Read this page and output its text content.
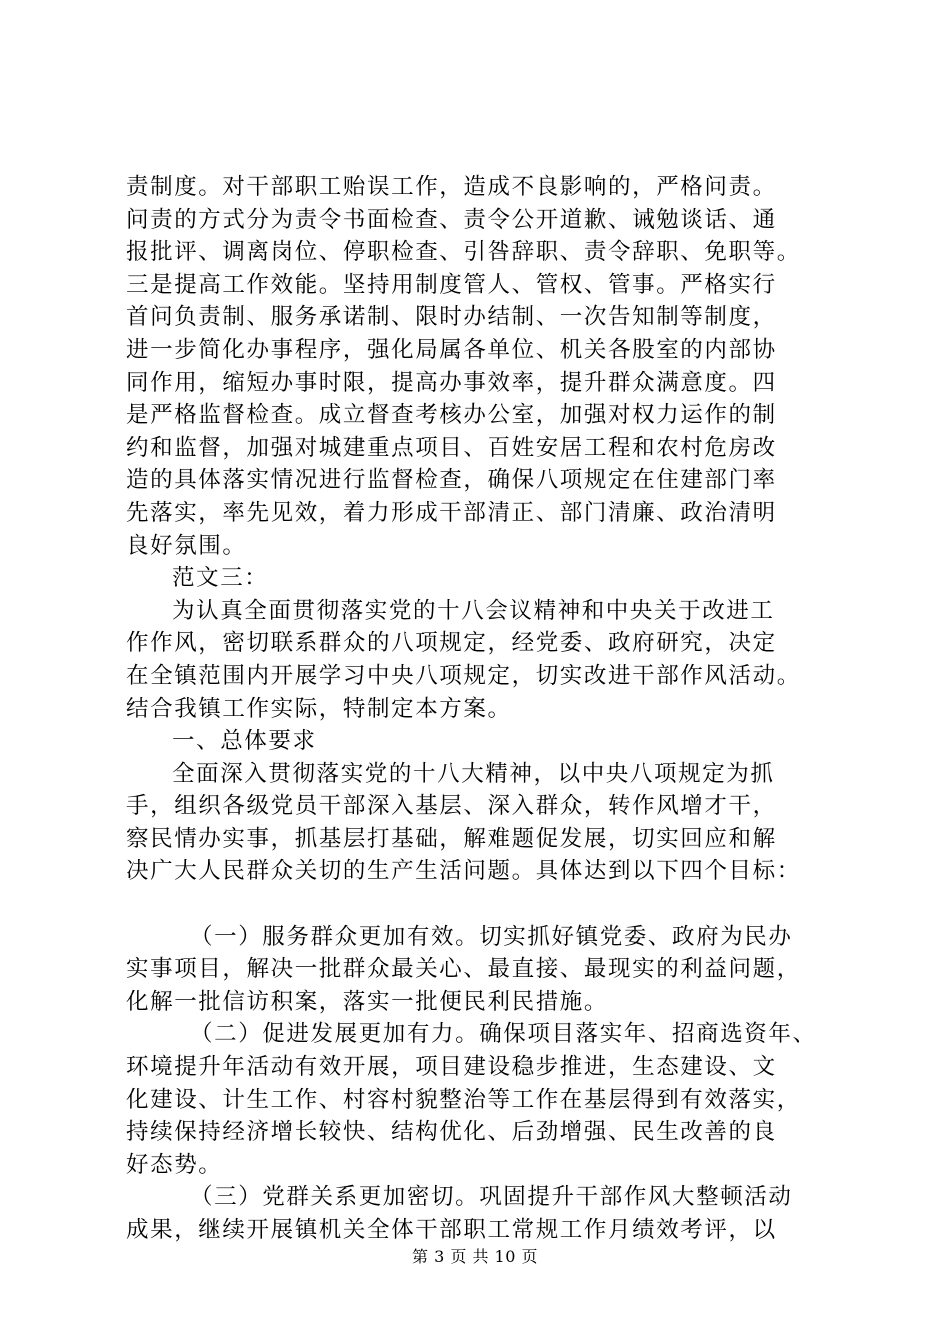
责制度。对干部职工贻误工作，造成不良影响的，严格问责。
问责的方式分为责令书面检查、责令公开道歉、诫勉谈话、通
报批评、调离岗位、停职检查、引咎辞职、责令辞职、免职等。
三是提高工作效能。坚持用制度管人、管权、管事。严格实行
首问负责制、服务承诺制、限时办结制、一次告知制等制度，
进一步简化办事程序，强化局属各单位、机关各股室的内部协
同作用，缩短办事时限，提高办事效率，提升群众满意度。四
是严格监督检查。成立督查考核办公室，加强对权力运作的制
约和监督，加强对城建重点项目、百姓安居工程和农村危房改
造的具体落实情况进行监督检查，确保八项规定在住建部门率
先落实，率先见效，着力形成干部清正、部门清廉、政治清明
良好氛围。
范文三：
为认真全面贯彻落实党的十八会议精神和中央关于改进工
作作风，密切联系群众的八项规定，经党委、政府研究，决定
在全镇范围内开展学习中央八项规定，切实改进干部作风活动。
结合我镇工作实际，特制定本方案。
一、总体要求
全面深入贯彻落实党的十八大精神，以中央八项规定为抓
手，组织各级党员干部深入基层、深入群众，转作风增才干，
察民情办实事，抓基层打基础，解难题促发展，切实回应和解
决广大人民群众关切的生产生活问题。具体达到以下四个目标：
（一）服务群众更加有效。切实抓好镇党委、政府为民办
实事项目，解决一批群众最关心、最直接、最现实的利益问题，
化解一批信访积案，落实一批便民利民措施。
（二）促进发展更加有力。确保项目落实年、招商选资年、
环境提升年活动有效开展，项目建设稳步推进，生态建设、文
化建设、计生工作、村容村貌整治等工作在基层得到有效落实，
持续保持经济增长较快、结构优化、后劲增强、民生改善的良
好态势。
（三）党群关系更加密切。巩固提升干部作风大整顿活动
成果，继续开展镇机关全体干部职工常规工作月绩效考评，以
第 3 页 共 10 页
